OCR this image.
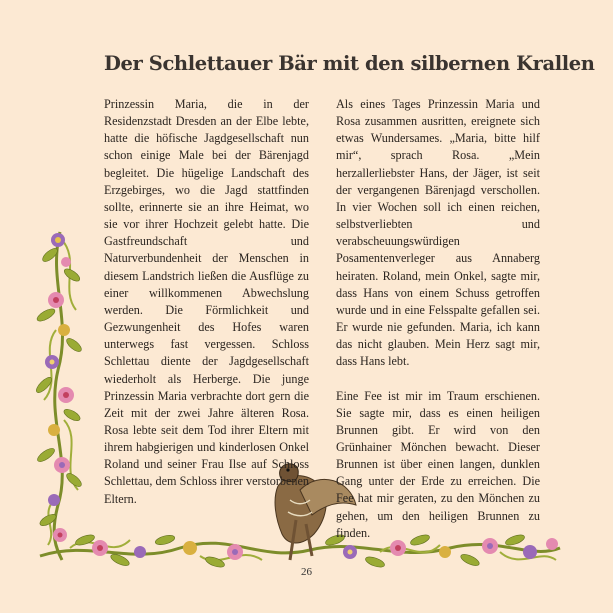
Der Schlettauer Bär mit den silbernen Krallen

Prinzessin Maria, die in der Residenzstadt Dresden an der Elbe lebte, hatte die höfische Jagdgesellschaft nun schon einige Male bei der Bärenjagd begleitet. Die hügelige Landschaft des Erzgebirges, wo die Jagd stattfinden sollte, erinnerte sie an ihre Heimat, wo sie vor ihrer Hochzeit gelebt hatte. Die Gastfreundschaft und Naturverbundenheit der Menschen in diesem Landstrich ließen die Ausflüge zu einer willkommenen Abwechslung werden. Die Förmlichkeit und Gezwungenheit des Hofes waren unterwegs fast vergessen. Schloss Schlettau diente der Jagdgesellschaft wiederholt als Herberge. Die junge Prinzessin Maria verbrachte dort gern die Zeit mit der zwei Jahre älteren Rosa. Rosa lebte seit dem Tod ihrer Eltern mit ihrem habgierigen und kinderlosen Onkel Roland und seiner Frau Ilse auf Schloss Schlettau, dem Schloss ihrer verstorbenen Eltern.

Als eines Tages Prinzessin Maria und Rosa zusammen ausritten, ereignete sich etwas Wundersames. „Maria, bitte hilf mir“, sprach Rosa. „Mein herzallerliebster Hans, der Jäger, ist seit der vergangenen Bärenjagd verschollen. In vier Wochen soll ich einen reichen, selbstverliebten und verabscheuungswürdigen Posamentenverleger aus Annaberg heiraten. Roland, mein Onkel, sagte mir, dass Hans von einem Schuss getroffen wurde und in eine Felsspalte gefallen sei. Er wurde nie gefunden. Maria, ich kann das nicht glauben. Mein Herz sagt mir, dass Hans lebt.

Eine Fee ist mir im Traum erschienen. Sie sagte mir, dass es einen heiligen Brunnen gibt. Er wird von den Grünhainer Mönchen bewacht. Dieser Brunnen ist über einen langen, dunklen Gang unter der Erde zu erreichen. Die Fee hat mir geraten, zu den Mönchen zu gehen, um den heiligen Brunnen zu finden.

26
